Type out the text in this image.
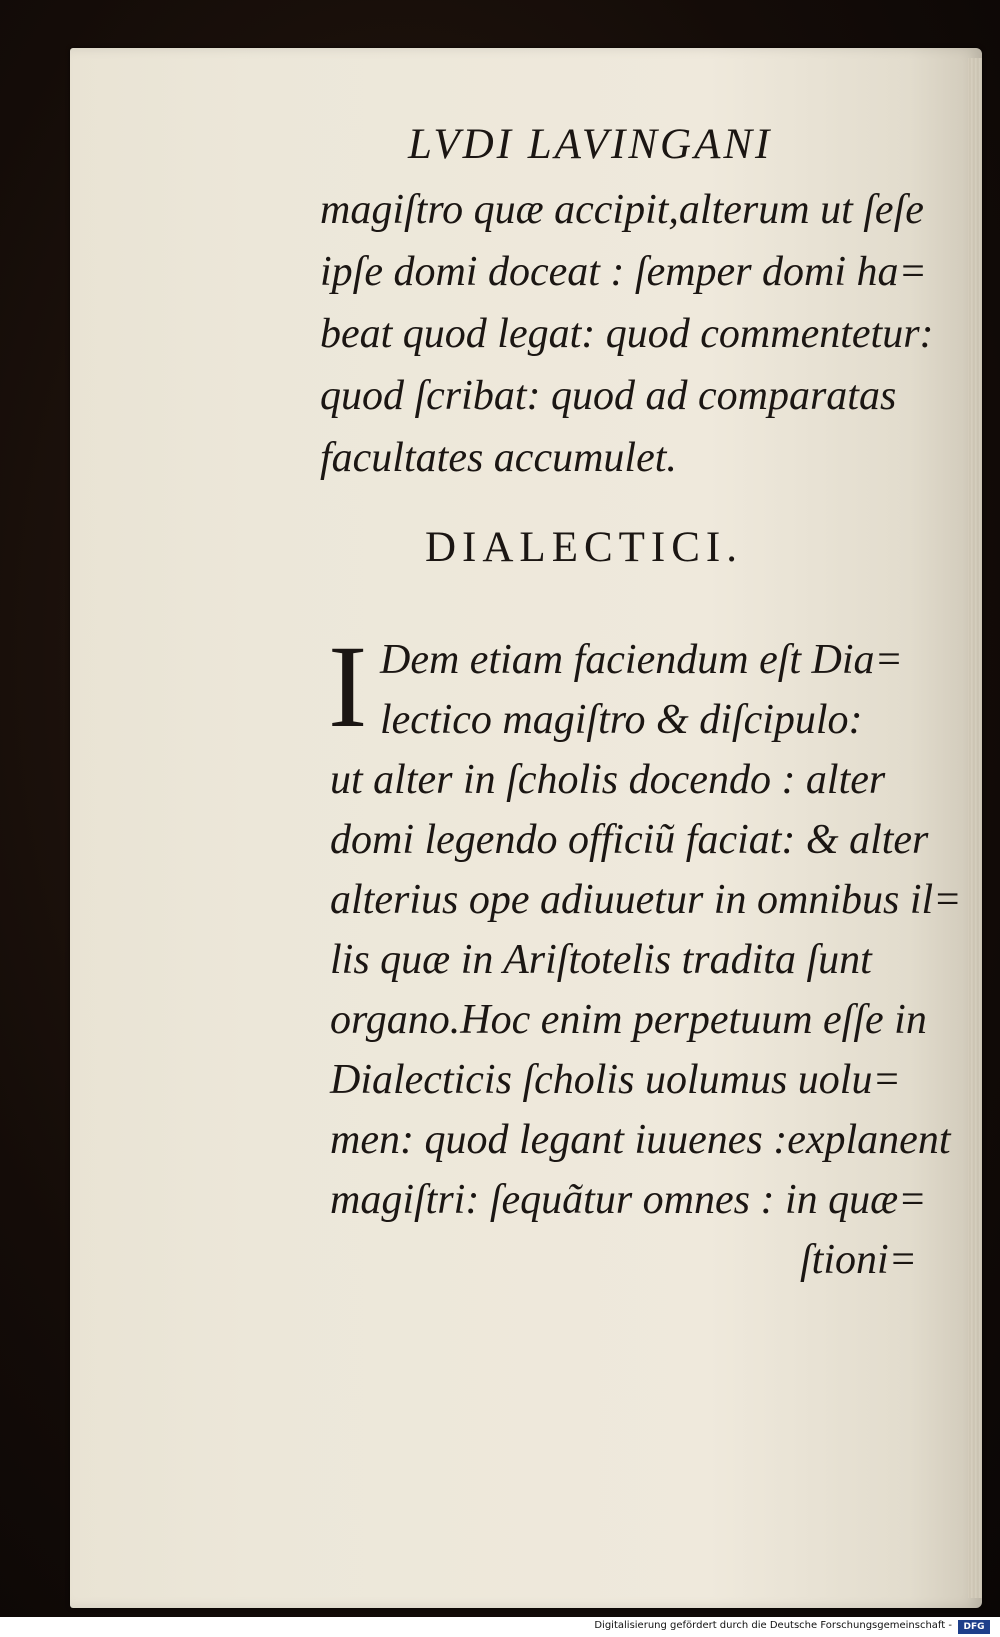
LVDI LAVINGANI
magiſtro quæ accipit,alterum ut ſeſe
ipſe domi doceat : ſemper domi ha=
beat quod legat: quod commentetur:
quod ſcribat: quod ad comparatas
facultates accumulet.
DIALECTICI.
I Dem etiam faciendum eſt Dia=
lectico magiſtro & diſcipulo:
ut alter in ſcholis docendo : alter
domi legendo officiũ faciat: & alter
alterius ope adiuuetur in omnibus il=
lis quæ in Ariſtotelis tradita ſunt
organo.Hoc enim perpetuum eſſe in
Dialecticis ſcholis uolumus uolu=
men: quod legant iuuenes :explanent
magiſtri: ſequãtur omnes : in quæ=
ſtioni=
Digitalisierung gefördert durch die Deutsche Forschungsgemeinschaft -	DFG
